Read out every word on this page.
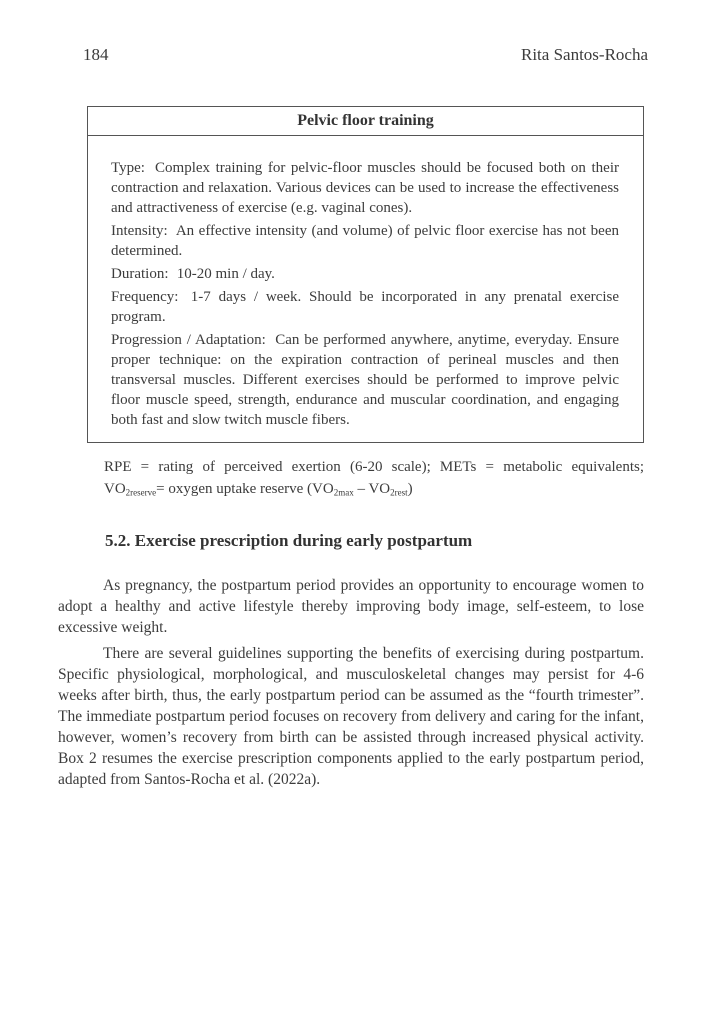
184	Rita Santos-Rocha
Pelvic floor training

Type: Complex training for pelvic-floor muscles should be focused both on their contraction and relaxation. Various devices can be used to increase the effectiveness and attractiveness of exercise (e.g. vaginal cones).

Intensity: An effective intensity (and volume) of pelvic floor exercise has not been determined.

Duration: 10-20 min / day.

Frequency: 1-7 days / week. Should be incorporated in any prenatal exercise program.

Progression / Adaptation: Can be performed anywhere, anytime, everyday. Ensure proper technique: on the expiration contraction of perineal muscles and then transversal muscles. Different exercises should be performed to improve pelvic floor muscle speed, strength, endurance and muscular coordination, and engaging both fast and slow twitch muscle fibers.

RPE = rating of perceived exertion (6-20 scale); METs = metabolic equivalents; $VO_{2reserve}=$ oxygen uptake reserve $(VO_{2max} - VO_{2rest})$

5.2. Exercise prescription during early postpartum

As pregnancy, the postpartum period provides an opportunity to encourage women to adopt a healthy and active lifestyle thereby improving body image, self-esteem, to lose excessive weight.

There are several guidelines supporting the benefits of exercising during postpartum. Specific physiological, morphological, and musculoskeletal changes may persist for 4-6 weeks after birth, thus, the early postpartum period can be assumed as the “fourth trimester”. The immediate postpartum period focuses on recovery from delivery and caring for the infant, however, women’s recovery from birth can be assisted through increased physical activity. Box 2 resumes the exercise prescription components applied to the early postpartum period, adapted from Santos-Rocha et al. (2022a).
